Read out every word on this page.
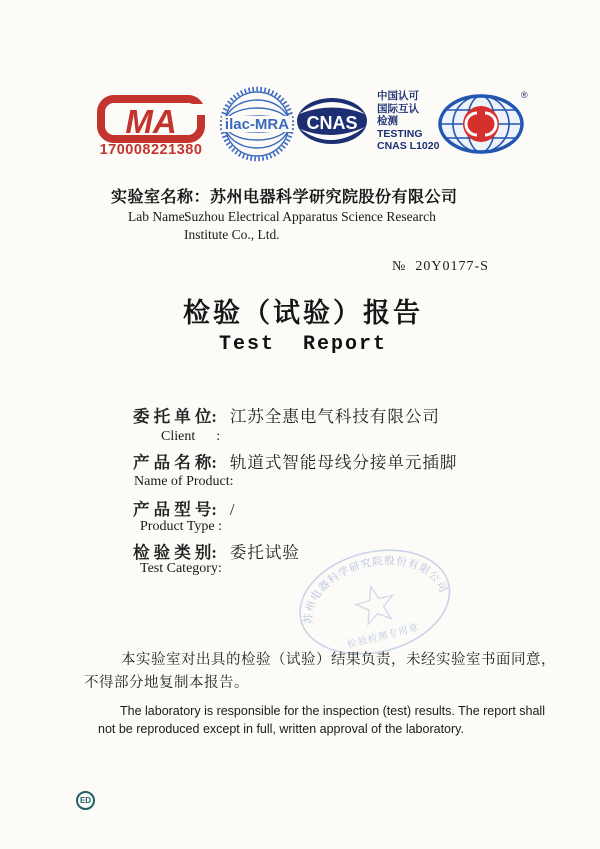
MA
170008221380
ilac-MRA CNAS
中国认可
国际互认
检测
TESTING
CNAS L1020
®
实验室名称：苏州电器科学研究院股份有限公司
Lab Name:
Suzhou Electrical Apparatus Science Research
Institute Co., Ltd.
№ 20Y0177-S
检验（试验）报告
Test  Report
委 托 单 位: 江苏全惠电气科技有限公司
Client      :
产 品 名 称: 轨道式智能母线分接单元插脚
Name of Product:
产 品 型 号: /
Product Type :
检 验 类 别: 委托试验
Test Category:
苏州电器科学研究院股份有限公司
检验检测专用章
本实验室对出具的检验（试验）结果负责，未经实验室书面同意，
不得部分地复制本报告。
The laboratory is responsible for the inspection (test) results. The report shall
not be reproduced except in full, written approval of the laboratory.
ED
